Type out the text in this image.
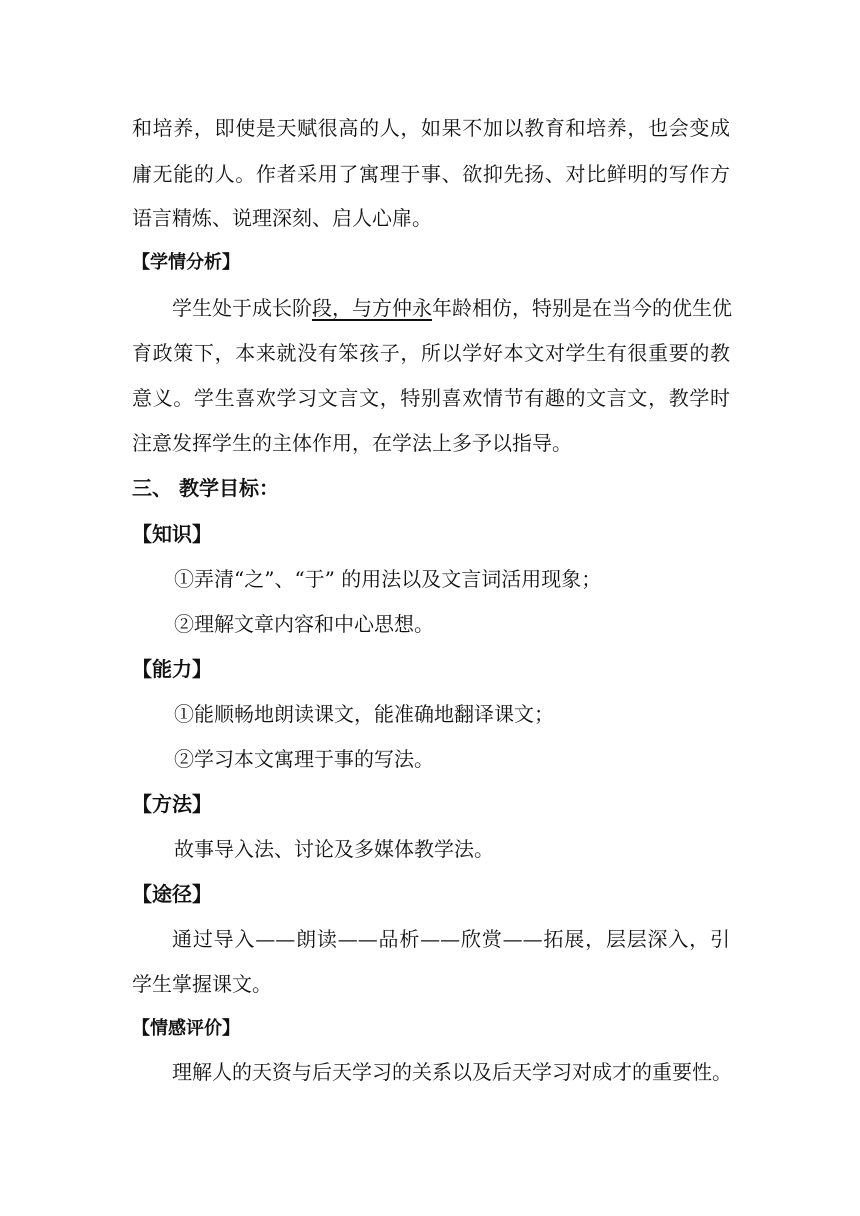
和培养，即使是天赋很高的人，如果不加以教育和培养，也会变成
庸无能的人。作者采用了寓理于事、欲抑先扬、对比鲜明的写作方
语言精炼、说理深刻、启人心扉。
【学情分析】
学生处于成长阶段，与方仲永年龄相仿，特别是在当今的优生优
育政策下，本来就没有笨孩子，所以学好本文对学生有很重要的教
意义。学生喜欢学习文言文，特别喜欢情节有趣的文言文，教学时
注意发挥学生的主体作用，在学法上多予以指导。
三、 教学目标：
【知识】
①弄清“之”、“于” 的用法以及文言词活用现象；
②理解文章内容和中心思想。
【能力】
①能顺畅地朗读课文，能准确地翻译课文；
②学习本文寓理于事的写法。
【方法】
故事导入法、讨论及多媒体教学法。
【途径】
通过导入——朗读——品析——欣赏——拓展，层层深入，引
学生掌握课文。
【情感评价】
理解人的天资与后天学习的关系以及后天学习对成才的重要性。
